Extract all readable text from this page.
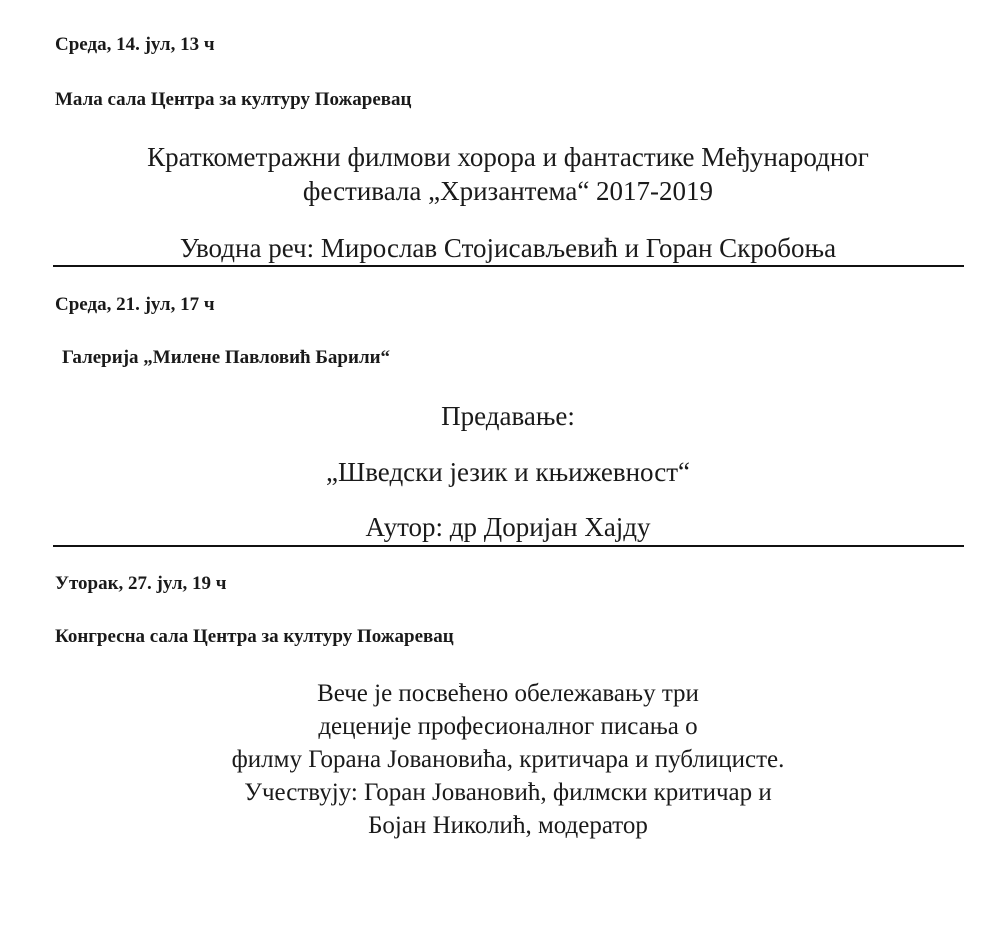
Среда, 14. јул, 13 ч
Мала сала Центра за културу Пожаревац
Краткометражни филмови хорора и фантастике Међународног
фестивала „Хризантема“ 2017-2019
Уводна реч: Мирослав Стојисављевић и Горан Скробоња
Среда, 21. јул, 17 ч
Галерија „Милене Павловић Барили“
Предавање:
„Шведски језик и књижевност“
Аутор: др Доријан Хајду
Уторак, 27. јул, 19 ч
Конгресна сала Центра за културу Пожаревац
Вече је посвећено обележавању три
деценије професионалног писања о
филму Горана Јовановића, критичара и публицисте.
Учествују: Горан Јовановић, филмски критичар и
Бојан Николић, модератор
